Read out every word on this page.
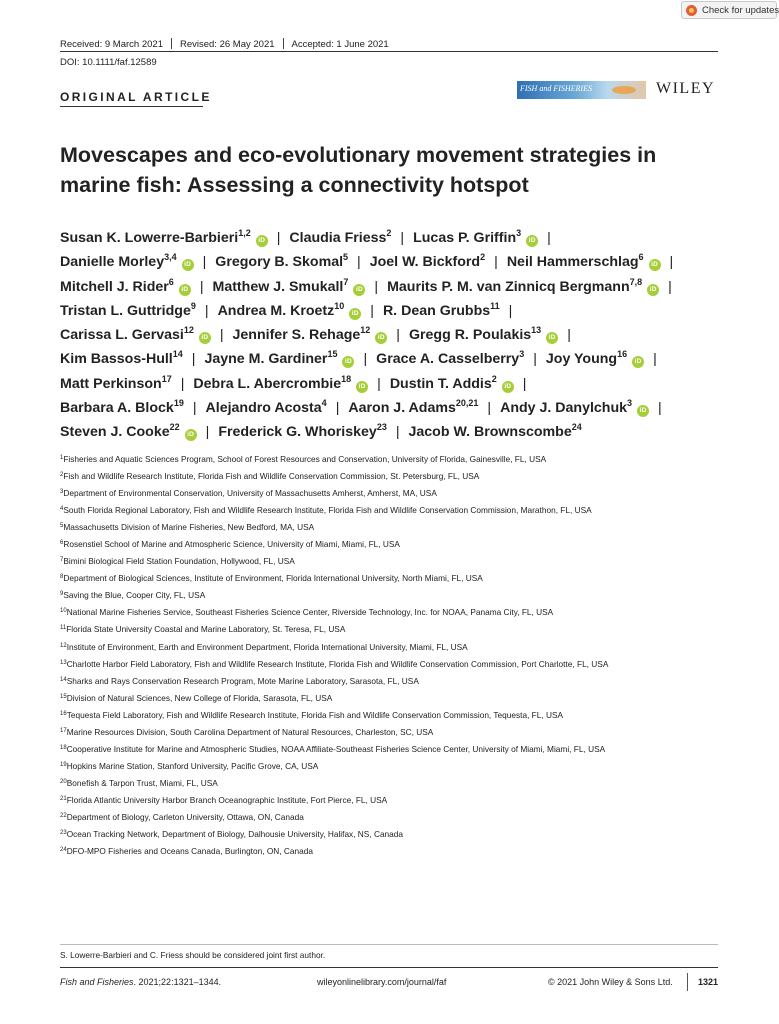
Check for updates
Received: 9 March 2021 Revised: 26 May 2021 Accepted: 1 June 2021
DOI: 10.1111/faf.12589
ORIGINAL ARTICLE
FISH and FISHERIES	WILEY
Movescapes and eco-evolutionary movement strategies in marine fish: Assessing a connectivity hotspot
Susan K. Lowerre-Barbieri$^{1,2}$iD | Claudia Friess$^2$ | Lucas P. Griffin$^3$iD |
Danielle Morley$^{3,4}$iD | Gregory B. Skomal$^5$ | Joel W. Bickford$^2$ | Neil Hammerschlag$^6$iD |
Mitchell J. Rider$^6$iD | Matthew J. Smukall$^7$iD | Maurits P. M. van Zinnicq Bergmann$^{7,8}$iD |
Tristan L. Guttridge$^9$ | Andrea M. Kroetz$^{10}$iD | R. Dean Grubbs$^{11}$ |
Carissa L. Gervasi$^{12}$iD | Jennifer S. Rehage$^{12}$iD | Gregg R. Poulakis$^{13}$iD |
Kim Bassos-Hull$^{14}$ | Jayne M. Gardiner$^{15}$iD | Grace A. Casselberry$^3$ | Joy Young$^{16}$iD |
Matt Perkinson$^{17}$ | Debra L. Abercrombie$^{18}$iD | Dustin T. Addis$^2$iD |
Barbara A. Block$^{19}$ | Alejandro Acosta$^4$ | Aaron J. Adams$^{20,21}$ | Andy J. Danylchuk$^3$iD |
Steven J. Cooke$^{22}$iD | Frederick G. Whoriskey$^{23}$ | Jacob W. Brownscombe$^{24}$
$^1$Fisheries and Aquatic Sciences Program, School of Forest Resources and Conservation, University of Florida, Gainesville, FL, USA
$^2$Fish and Wildlife Research Institute, Florida Fish and Wildlife Conservation Commission, St. Petersburg, FL, USA
$^3$Department of Environmental Conservation, University of Massachusetts Amherst, Amherst, MA, USA
$^4$South Florida Regional Laboratory, Fish and Wildlife Research Institute, Florida Fish and Wildlife Conservation Commission, Marathon, FL, USA
$^5$Massachusetts Division of Marine Fisheries, New Bedford, MA, USA
$^6$Rosenstiel School of Marine and Atmospheric Science, University of Miami, Miami, FL, USA
$^7$Bimini Biological Field Station Foundation, Hollywood, FL, USA
$^8$Department of Biological Sciences, Institute of Environment, Florida International University, North Miami, FL, USA
$^9$Saving the Blue, Cooper City, FL, USA
$^{10}$National Marine Fisheries Service, Southeast Fisheries Science Center, Riverside Technology, Inc. for NOAA, Panama City, FL, USA
$^{11}$Florida State University Coastal and Marine Laboratory, St. Teresa, FL, USA
$^{12}$Institute of Environment, Earth and Environment Department, Florida International University, Miami, FL, USA
$^{13}$Charlotte Harbor Field Laboratory, Fish and Wildlife Research Institute, Florida Fish and Wildlife Conservation Commission, Port Charlotte, FL, USA
$^{14}$Sharks and Rays Conservation Research Program, Mote Marine Laboratory, Sarasota, FL, USA
$^{15}$Division of Natural Sciences, New College of Florida, Sarasota, FL, USA
$^{16}$Tequesta Field Laboratory, Fish and Wildlife Research Institute, Florida Fish and Wildlife Conservation Commission, Tequesta, FL, USA
$^{17}$Marine Resources Division, South Carolina Department of Natural Resources, Charleston, SC, USA
$^{18}$Cooperative Institute for Marine and Atmospheric Studies, NOAA Affiliate-Southeast Fisheries Science Center, University of Miami, Miami, FL, USA
$^{19}$Hopkins Marine Station, Stanford University, Pacific Grove, CA, USA
$^{20}$Bonefish & Tarpon Trust, Miami, FL, USA
$^{21}$Florida Atlantic University Harbor Branch Oceanographic Institute, Fort Pierce, FL, USA
$^{22}$Department of Biology, Carleton University, Ottawa, ON, Canada
$^{23}$Ocean Tracking Network, Department of Biology, Dalhousie University, Halifax, NS, Canada
$^{24}$DFO-MPO Fisheries and Oceans Canada, Burlington, ON, Canada
S. Lowerre-Barbieri and C. Friess should be considered joint first author.
Fish and Fisheries. 2021;22:1321–1344.	wileyonlinelibrary.com/journal/faf	© 2021 John Wiley & Sons Ltd.	1321
